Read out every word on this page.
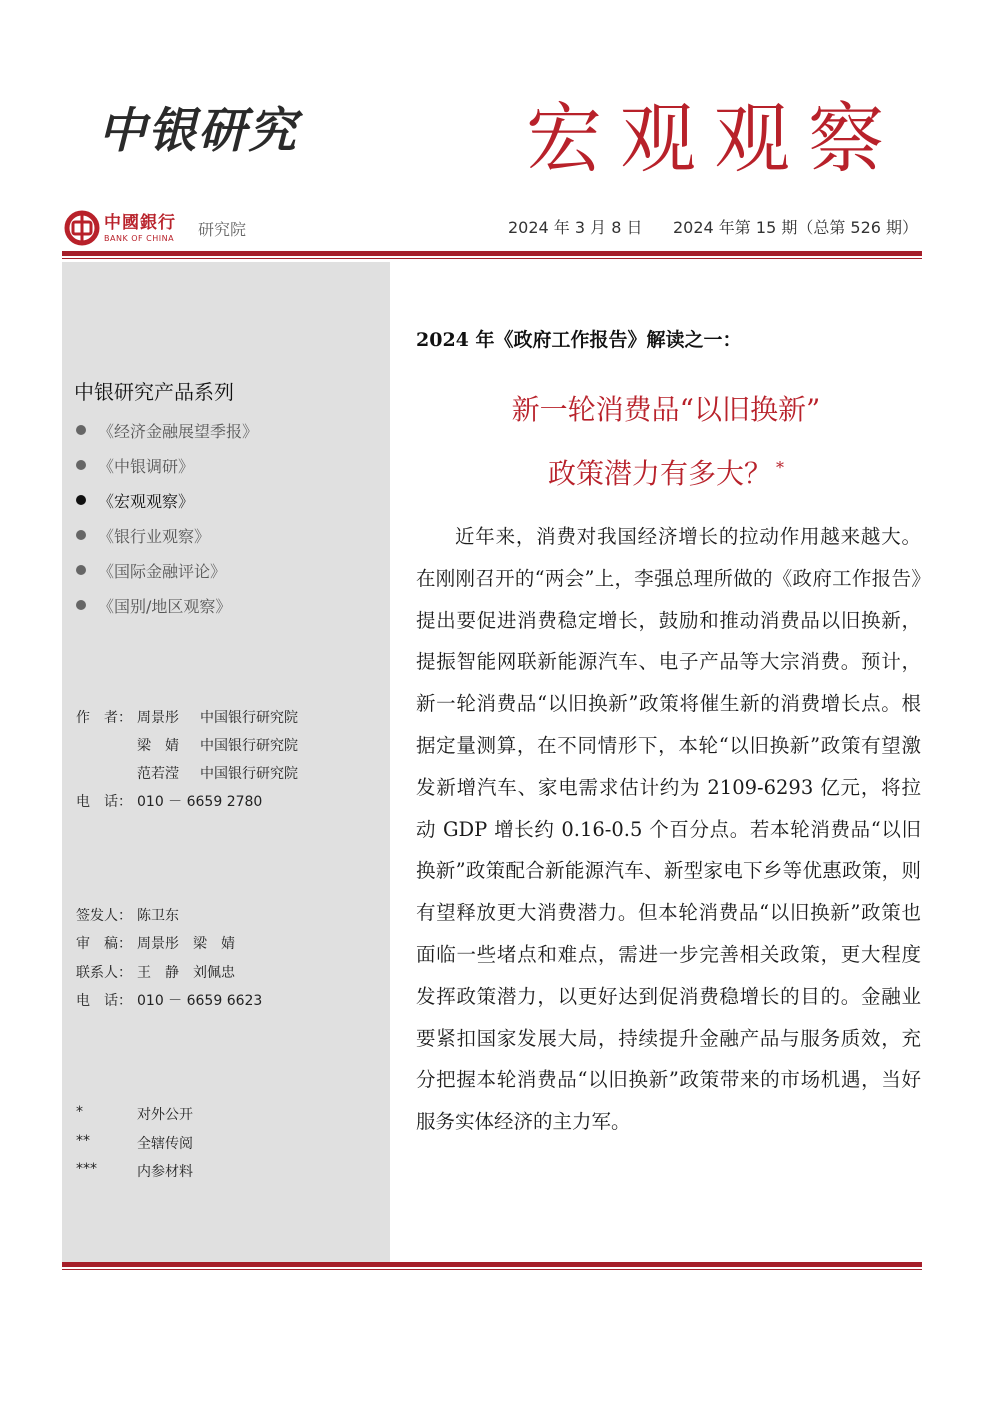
中银研究	宏观观察
中國銀行
BANK OF CHINA 研究院	2024 年 3 月 8 日 2024 年第 15 期（总第 526 期）
中银研究产品系列
《经济金融展望季报》
《中银调研》
《宏观观察》
《银行业观察》
《国际金融评论》
《国别/地区观察》
作　者： 周景彤 中国银行研究院
梁　婧 中国银行研究院
范若滢 中国银行研究院
电　话： 010 － 6659 2780
签发人： 陈卫东
审　稿： 周景彤　梁　婧
联系人： 王　静　刘佩忠
电　话： 010 － 6659 6623
*	对外公开
**	全辖传阅
***	内参材料
2024 年《政府工作报告》解读之一：
新一轮消费品“以旧换新”
政策潜力有多大？ *

近年来，消费对我国经济增长的拉动作用越来越大。在刚刚召开的“两会”上，李强总理所做的《政府工作报告》提出要促进消费稳定增长，鼓励和推动消费品以旧换新，提振智能网联新能源汽车、电子产品等大宗消费。预计，新一轮消费品“以旧换新”政策将催生新的消费增长点。根据定量测算，在不同情形下，本轮“以旧换新”政策有望激发新增汽车、家电需求估计约为 2109-6293 亿元，将拉动 GDP 增长约 0.16-0.5 个百分点。若本轮消费品“以旧换新”政策配合新能源汽车、新型家电下乡等优惠政策，则有望释放更大消费潜力。但本轮消费品“以旧换新”政策也面临一些堵点和难点，需进一步完善相关政策，更大程度发挥政策潜力，以更好达到促消费稳增长的目的。金融业要紧扣国家发展大局，持续提升金融产品与服务质效，充分把握本轮消费品“以旧换新”政策带来的市场机遇，当好服务实体经济的主力军。
